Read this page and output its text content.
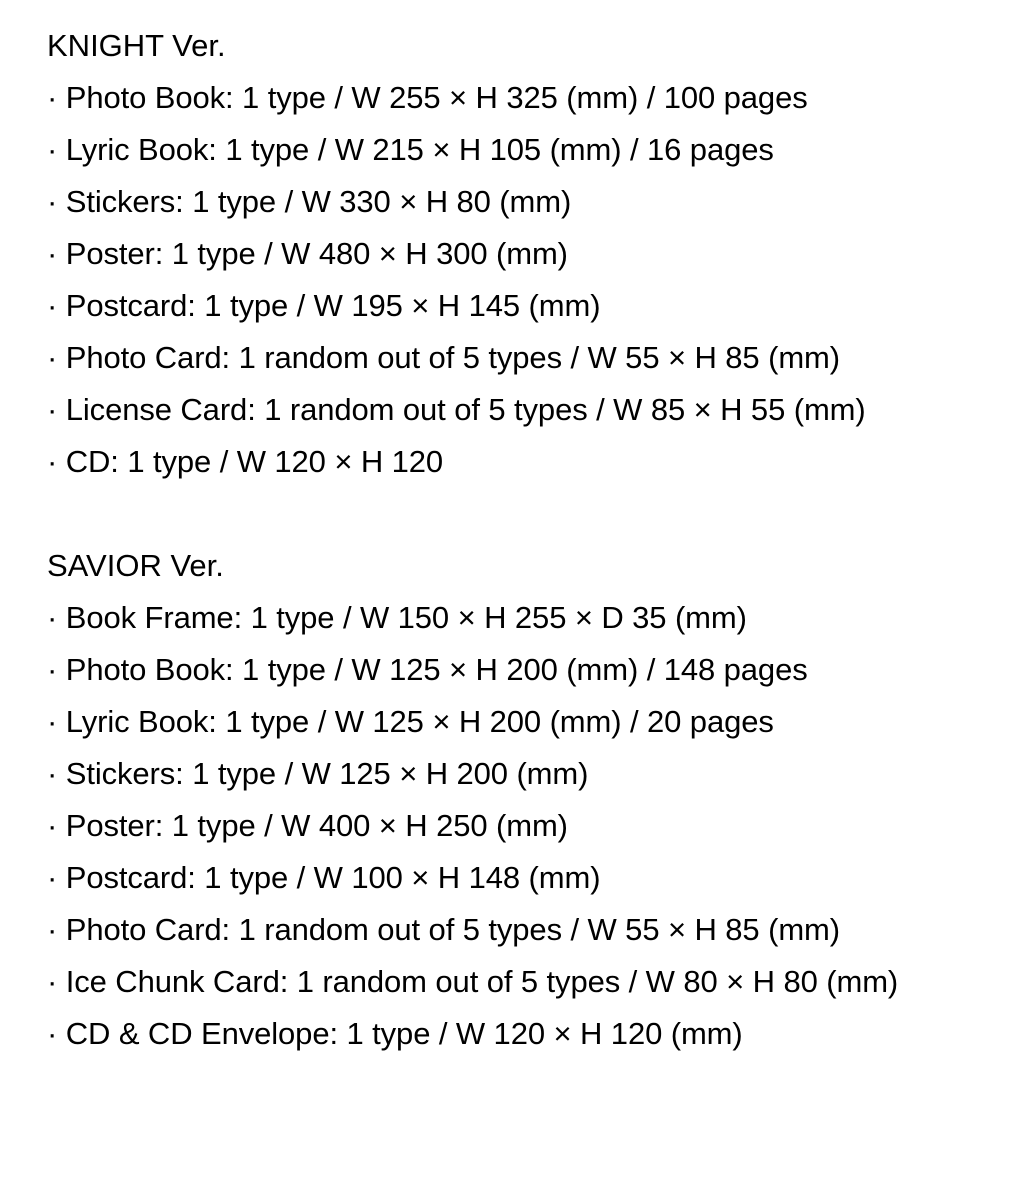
KNIGHT Ver.
· Photo Book: 1 type / W 255 × H 325 (mm) / 100 pages
· Lyric Book: 1 type / W 215 × H 105 (mm) / 16 pages
· Stickers: 1 type / W 330 × H 80 (mm)
· Poster: 1 type / W 480 × H 300 (mm)
· Postcard: 1 type / W 195 × H 145 (mm)
· Photo Card: 1 random out of 5 types / W 55 × H 85 (mm)
· License Card: 1 random out of 5 types / W 85 × H 55 (mm)
· CD: 1 type / W 120 × H 120
SAVIOR Ver.
· Book Frame: 1 type / W 150 × H 255 × D 35 (mm)
· Photo Book: 1 type / W 125 × H 200 (mm) / 148 pages
· Lyric Book: 1 type / W 125 × H 200 (mm) / 20 pages
· Stickers: 1 type / W 125 × H 200 (mm)
· Poster: 1 type / W 400 × H 250 (mm)
· Postcard: 1 type / W 100 × H 148 (mm)
· Photo Card: 1 random out of 5 types / W 55 × H 85 (mm)
· Ice Chunk Card: 1 random out of 5 types / W 80 × H 80 (mm)
· CD & CD Envelope: 1 type / W 120 × H 120 (mm)
